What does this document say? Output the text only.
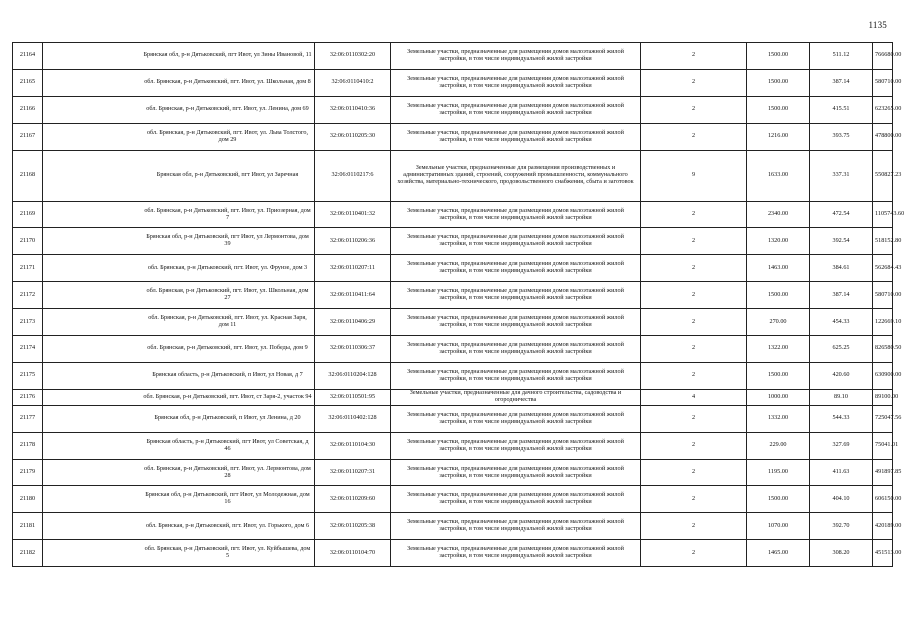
1135
21164	Брянская обл, р-н Дятьковский, пгт Ивот, ул Зины Ивановой, 11	32:06:0110302:20	Земельные участки, предназначенные для размещения домов малоэтажной жилой застройки, в том числе индивидуальной жилой застройки	2	1500.00	511.12	766680.00
21165	обл. Брянская, р-н Дятьковский, пгт. Ивот, ул. Школьная, дом 8	32:06:0110410:2	Земельные участки, предназначенные для размещения домов малоэтажной жилой застройки, в том числе индивидуальной жилой застройки	2	1500.00	387.14	580710.00
21166	обл. Брянская, р-н Дятьковский, пгт. Ивот, ул. Ленина, дом 69	32:06:0110410:36	Земельные участки, предназначенные для размещения домов малоэтажной жилой застройки, в том числе индивидуальной жилой застройки	2	1500.00	415.51	623265.00
21167	обл. Брянская, р-н Дятьковский, пгт. Ивот, ул. Льва Толстого, дом 29	32:06:0110205:30	Земельные участки, предназначенные для размещения домов малоэтажной жилой застройки, в том числе индивидуальной жилой застройки	2	1216.00	393.75	478800.00
21168	Брянская обл, р-н Дятьковский, пгт Ивот, ул Заречная	32:06:0110217:6	Земельные участки, предназначенные для размещения производственных и административных зданий, строений, сооружений промышленности, коммунального хозяйства, материально-технического, продовольственного снабжения, сбыта и заготовок	9	1633.00	337.31	550827.23
21169	обл. Брянская, р-н Дятьковский, пгт. Ивот, ул. Приозерная, дом 7	32:06:0110401:32	Земельные участки, предназначенные для размещения домов малоэтажной жилой застройки, в том числе индивидуальной жилой застройки	2	2340.00	472.54	1105743.60
21170	Брянская обл, р-н Дятьковский, пгт Ивот, ул Лермонтова, дом 39	32:06:0110206:36	Земельные участки, предназначенные для размещения домов малоэтажной жилой застройки, в том числе индивидуальной жилой застройки	2	1320.00	392.54	518152.80
21171	обл. Брянская, р-н Дятьковский, пгт. Ивот, ул. Фрунзе, дом 3	32:06:0110207:11	Земельные участки, предназначенные для размещения домов малоэтажной жилой застройки, в том числе индивидуальной жилой застройки	2	1463.00	384.61	562684.43
21172	обл. Брянская, р-н Дятьковский, пгт. Ивот, ул. Школьная, дом 27	32:06:0110411:64	Земельные участки, предназначенные для размещения домов малоэтажной жилой застройки, в том числе индивидуальной жилой застройки	2	1500.00	387.14	580710.00
21173	обл. Брянская, р-н Дятьковский, пгт. Ивот, ул. Красная Заря, дом 11	32:06:0110406:29	Земельные участки, предназначенные для размещения домов малоэтажной жилой застройки, в том числе индивидуальной жилой застройки	2	270.00	454.33	122669.10
21174	обл. Брянская, р-н Дятьковский, пгт. Ивот, ул. Победы, дом 9	32:06:0110306:37	Земельные участки, предназначенные для размещения домов малоэтажной жилой застройки, в том числе индивидуальной жилой застройки	2	1322.00	625.25	826580.50
21175	Брянская область, р-н Дятьковский, п Ивот, ул Новая, д 7	32:06:0110204:128	Земельные участки, предназначенные для размещения домов малоэтажной жилой застройки, в том числе индивидуальной жилой застройки	2	1500.00	420.60	630900.00
21176	обл. Брянская, р-н Дятьковский, пгт. Ивот, ст Заря-2, участок 94	32:06:0110501:95	Земельные участки, предназначенные для дачного строительства, садоводства и огородничества	4	1000.00	89.10	89100.00
21177	Брянская обл, р-н Дятьковский, п Ивот, ул Ленина, д 20	32:06:0110402:128	Земельные участки, предназначенные для размещения домов малоэтажной жилой застройки, в том числе индивидуальной жилой застройки	2	1332.00	544.33	725047.56
21178	Брянская область, р-н Дятьковский, пгт Ивот, ул Советская, д 46	32:06:0110104:30	Земельные участки, предназначенные для размещения домов малоэтажной жилой застройки, в том числе индивидуальной жилой застройки	2	229.00	327.69	75041.01
21179	обл. Брянская, р-н Дятьковский, пгт. Ивот, ул. Лермонтова, дом 28	32:06:0110207:31	Земельные участки, предназначенные для размещения домов малоэтажной жилой застройки, в том числе индивидуальной жилой застройки	2	1195.00	411.63	491897.85
21180	Брянская обл, р-н Дятьковский, пгт Ивот, ул Молодежная, дом 16	32:06:0110209:60	Земельные участки, предназначенные для размещения домов малоэтажной жилой застройки, в том числе индивидуальной жилой застройки	2	1500.00	404.10	606150.00
21181	обл. Брянская, р-н Дятьковский, пгт. Ивот, ул. Горького, дом 6	32:06:0110205:38	Земельные участки, предназначенные для размещения домов малоэтажной жилой застройки, в том числе индивидуальной жилой застройки	2	1070.00	392.70	420189.00
21182	обл. Брянская, р-н Дятьковский, пгт. Ивот, ул. Куйбышева, дом 5	32:06:0110104:70	Земельные участки, предназначенные для размещения домов малоэтажной жилой застройки, в том числе индивидуальной жилой застройки	2	1465.00	308.20	451513.00
